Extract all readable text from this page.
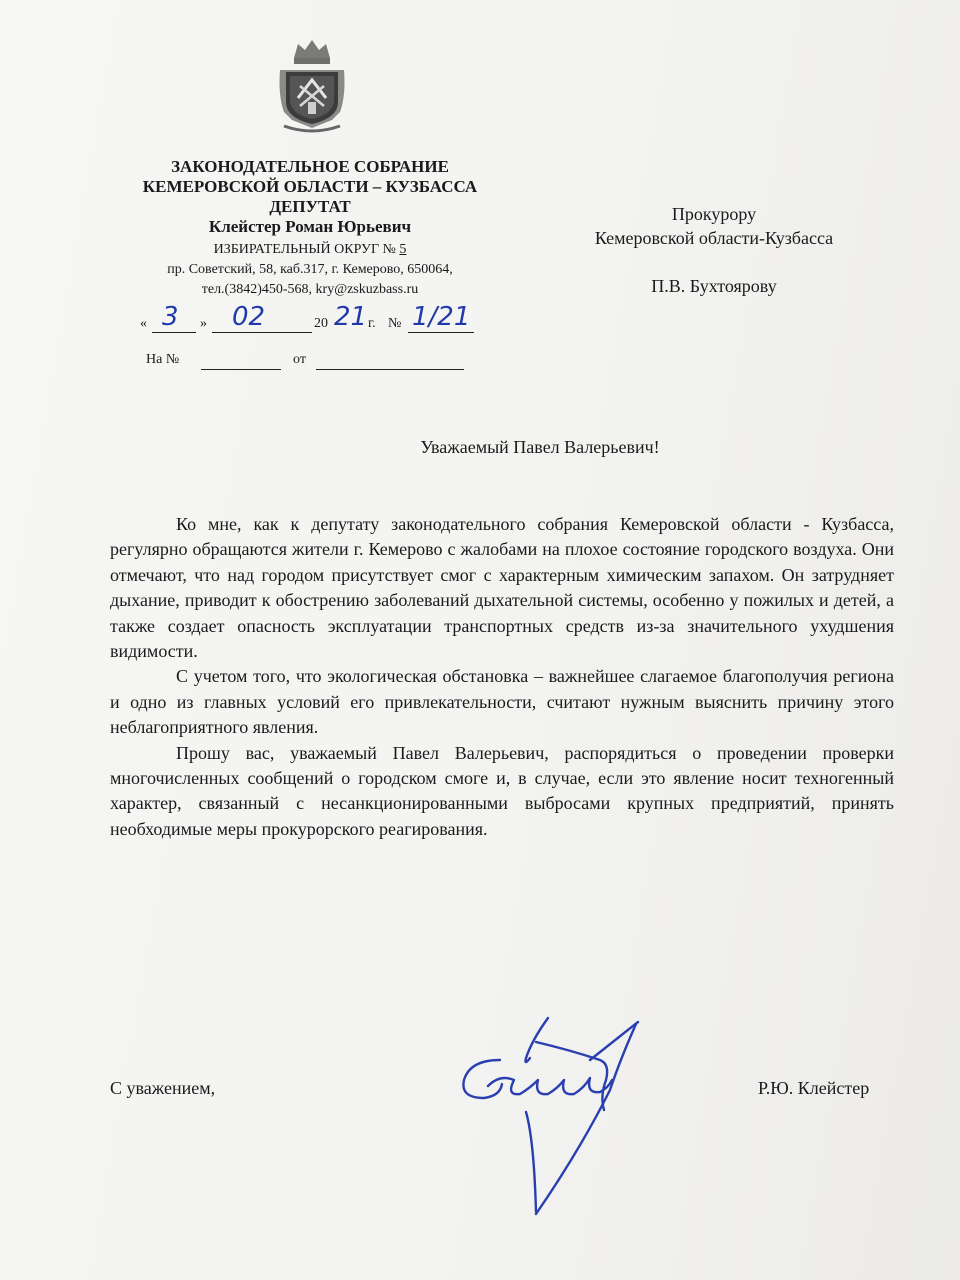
ЗАКОНОДАТЕЛЬНОЕ СОБРАНИЕ
КЕМЕРОВСКОЙ ОБЛАСТИ – КУЗБАССА
ДЕПУТАТ
Клейстер Роман Юрьевич
ИЗБИРАТЕЛЬНЫЙ ОКРУГ № 5
пр. Советский, 58, каб.317, г. Кемерово, 650064,
тел.(3842)450-568, kry@zskuzbass.ru
« 3 » 02	20 21 г. № 1/21
На №	от
Прокурору
Кемеровской области-Кузбасса
П.В. Бухтоярову
Уважаемый Павел Валерьевич!

Ко мне, как к депутату законодательного собрания Кемеровской области - Кузбасса, регулярно обращаются жители г. Кемерово с жалобами на плохое состояние городского воздуха. Они отмечают, что над городом присутствует смог с характерным химическим запахом. Он затрудняет дыхание, приводит к обострению заболеваний дыхательной системы, особенно у пожилых и детей, а также создает опасность эксплуатации транспортных средств из-за значительного ухудшения видимости.

С учетом того, что экологическая обстановка – важнейшее слагаемое благополучия региона и одно из главных условий его привлекательности, считают нужным выяснить причину этого неблагоприятного явления.

Прошу вас, уважаемый Павел Валерьевич, распорядиться о проведении проверки многочисленных сообщений о городском смоге и, в случае, если это явление носит техногенный характер, связанный с несанкционированными выбросами крупных предприятий, принять необходимые меры прокурорского реагирования.

С уважением,	Р.Ю. Клейстер
